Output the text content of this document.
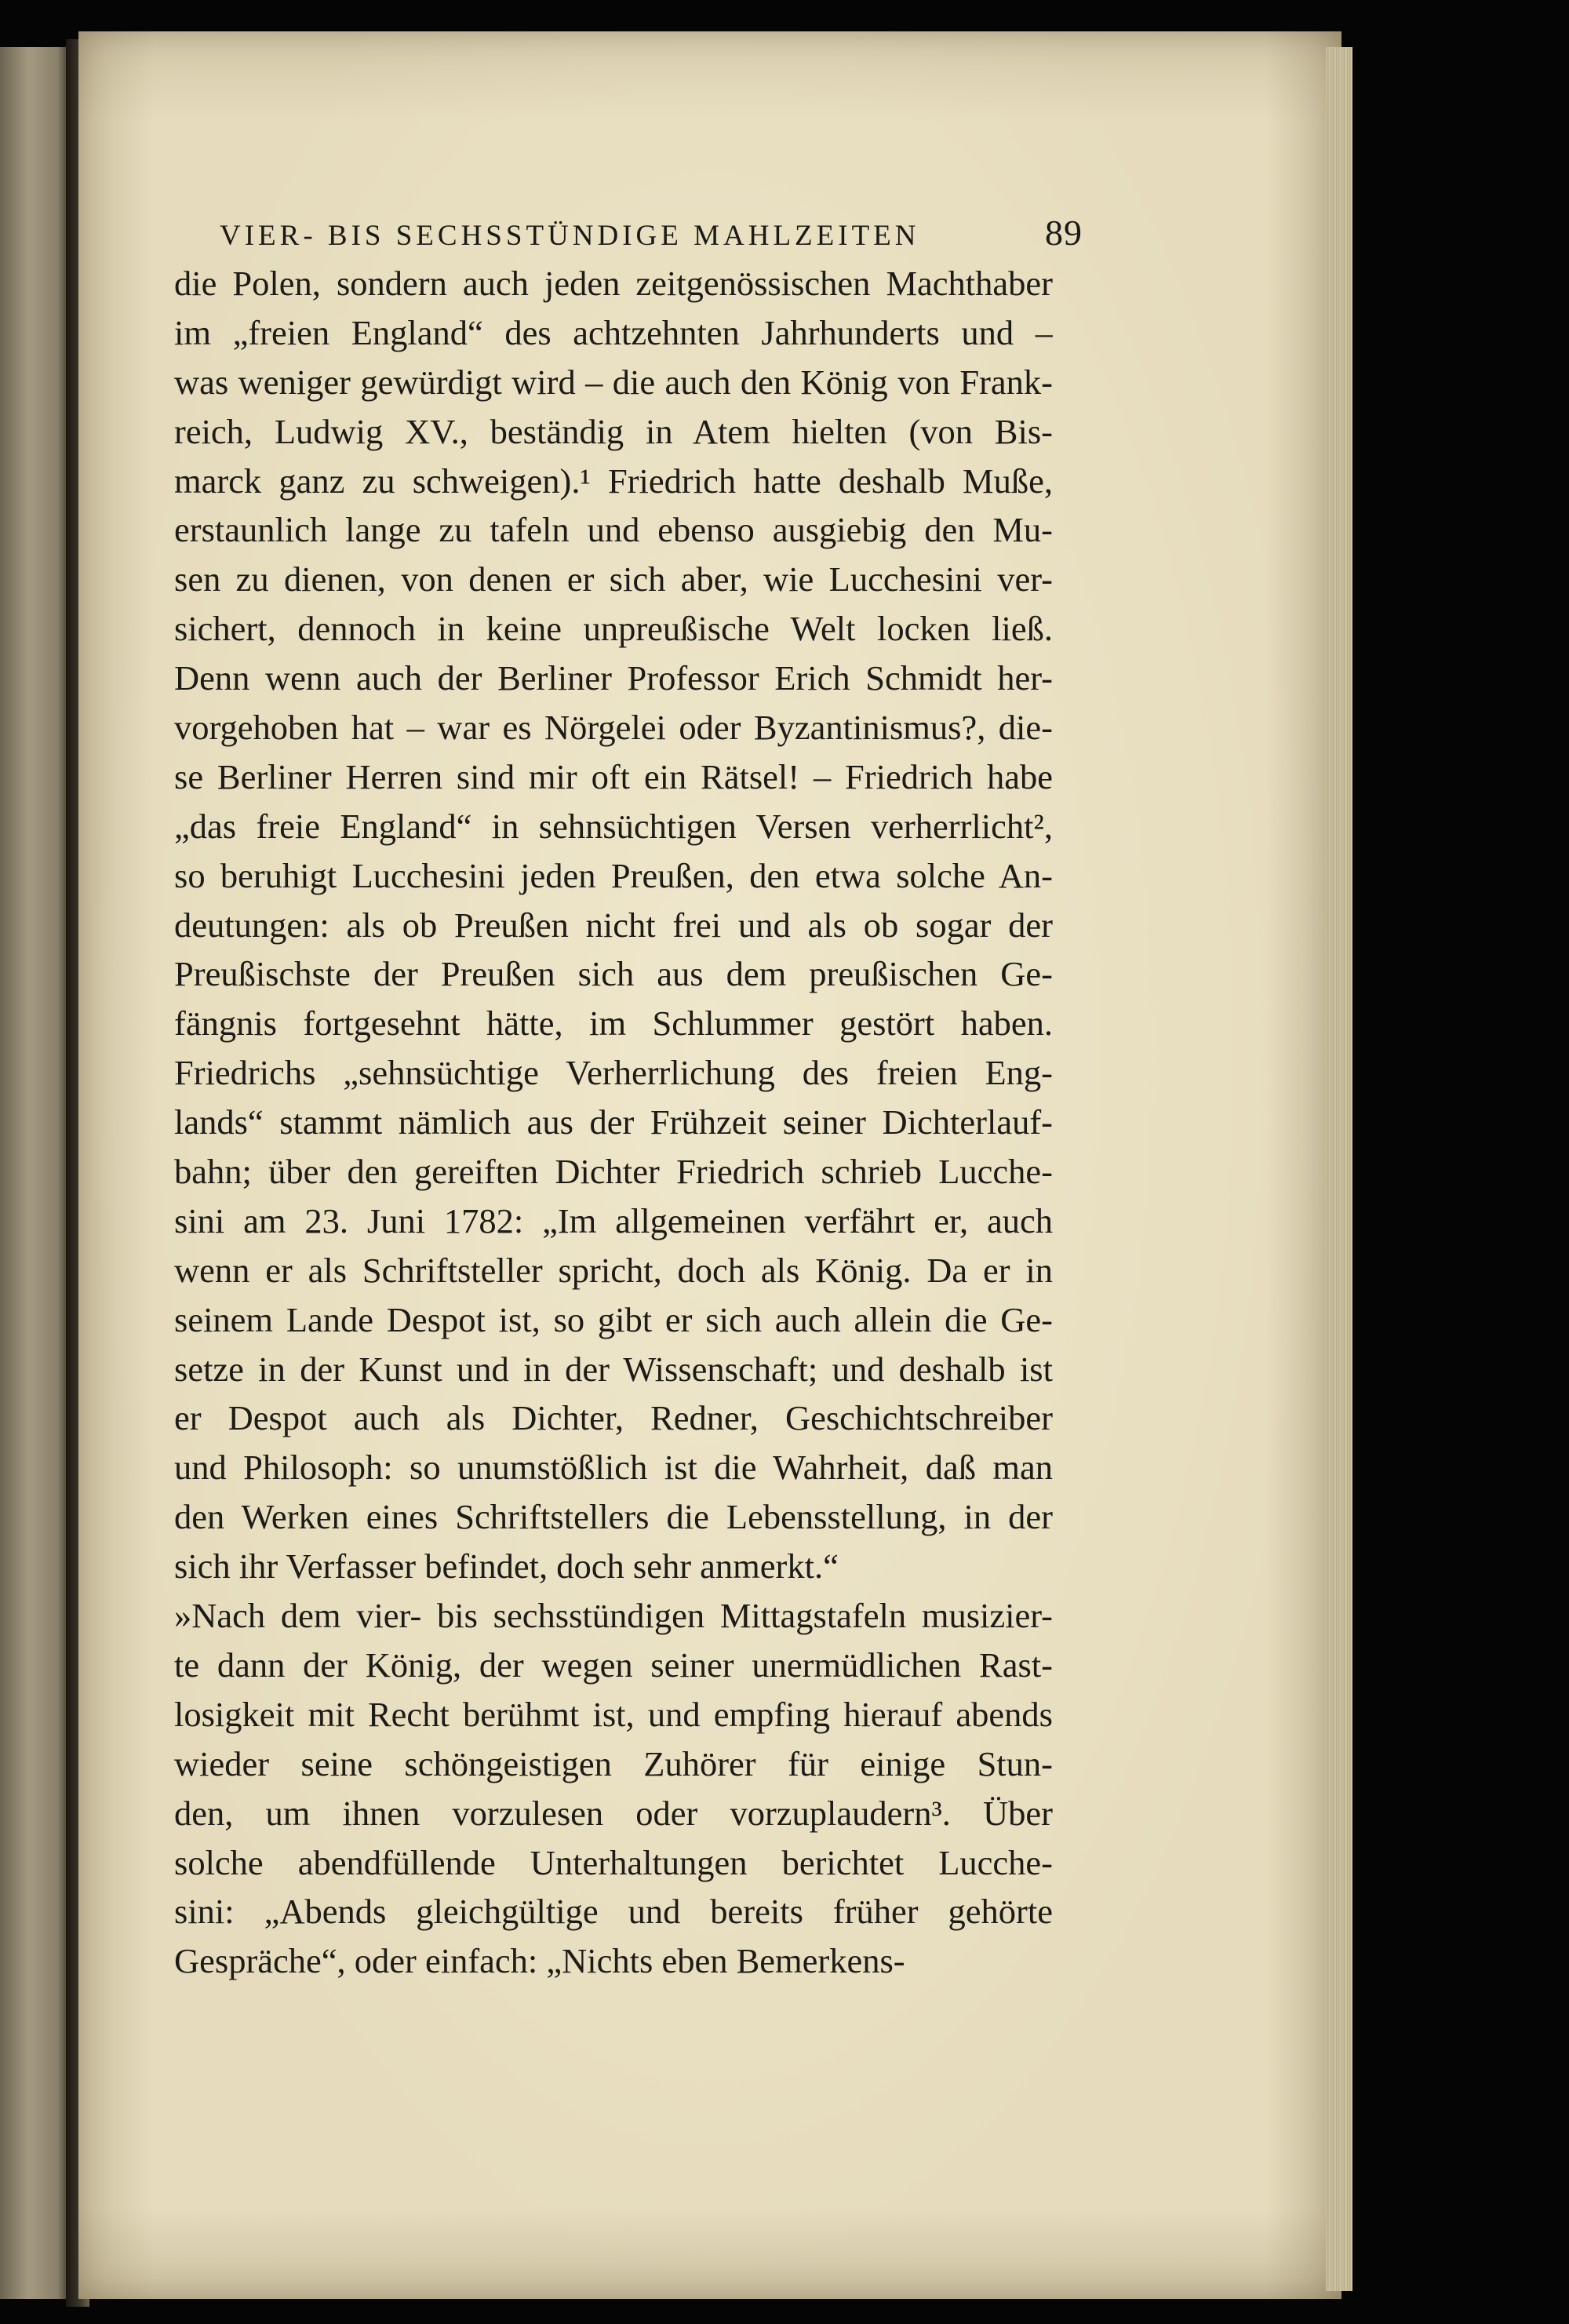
VIER- BIS SECHSSTÜNDIGE MAHLZEITEN	89
die Polen, sondern auch jeden zeitgenössischen Machthaber
im „freien England“ des achtzehnten Jahrhunderts und –
was weniger gewürdigt wird – die auch den König von Frank-
reich, Ludwig XV., beständig in Atem hielten (von Bis-
marck ganz zu schweigen).¹ Friedrich hatte deshalb Muße,
erstaunlich lange zu tafeln und ebenso ausgiebig den Mu-
sen zu dienen, von denen er sich aber, wie Lucchesini ver-
sichert, dennoch in keine unpreußische Welt locken ließ.
Denn wenn auch der Berliner Professor Erich Schmidt her-
vorgehoben hat – war es Nörgelei oder Byzantinismus?, die-
se Berliner Herren sind mir oft ein Rätsel! – Friedrich habe
„das freie England“ in sehnsüchtigen Versen verherrlicht²,
so beruhigt Lucchesini jeden Preußen, den etwa solche An-
deutungen: als ob Preußen nicht frei und als ob sogar der
Preußischste der Preußen sich aus dem preußischen Ge-
fängnis fortgesehnt hätte, im Schlummer gestört haben.
Friedrichs „sehnsüchtige Verherrlichung des freien Eng-
lands“ stammt nämlich aus der Frühzeit seiner Dichterlauf-
bahn; über den gereiften Dichter Friedrich schrieb Lucche-
sini am 23. Juni 1782: „Im allgemeinen verfährt er, auch
wenn er als Schriftsteller spricht, doch als König. Da er in
seinem Lande Despot ist, so gibt er sich auch allein die Ge-
setze in der Kunst und in der Wissenschaft; und deshalb ist
er Despot auch als Dichter, Redner, Geschichtschreiber
und Philosoph: so unumstößlich ist die Wahrheit, daß man
den Werken eines Schriftstellers die Lebensstellung, in der
sich ihr Verfasser befindet, doch sehr anmerkt.“
»Nach dem vier- bis sechsstündigen Mittagstafeln musizier-
te dann der König, der wegen seiner unermüdlichen Rast-
losigkeit mit Recht berühmt ist, und empfing hierauf abends
wieder seine schöngeistigen Zuhörer für einige Stun-
den, um ihnen vorzulesen oder vorzuplaudern³. Über
solche abendfüllende Unterhaltungen berichtet Lucche-
sini: „Abends gleichgültige und bereits früher gehörte
Gespräche“, oder einfach: „Nichts eben Bemerkens-
